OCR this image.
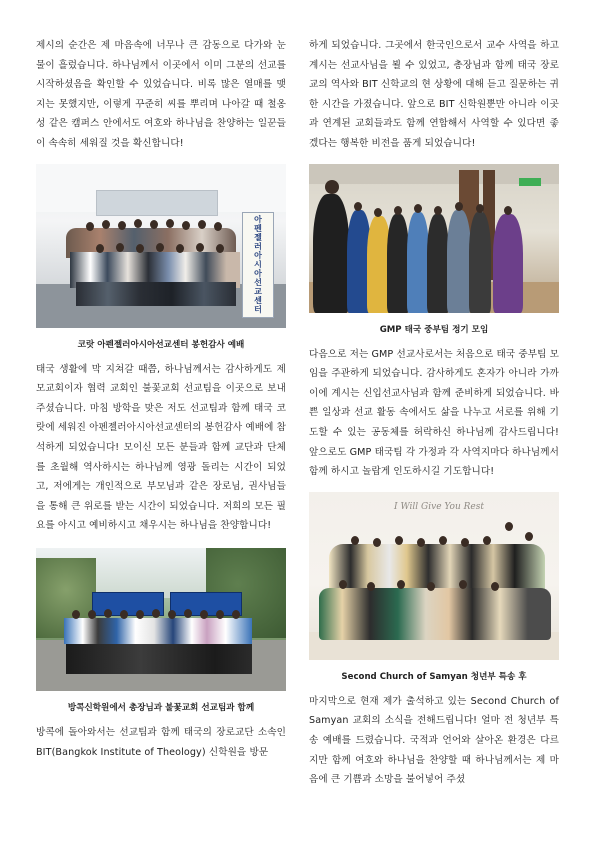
제시의 순간은 제 마음속에 너무나 큰 감동으로 다가와 눈물이 흘렀습니다. 하나님께서 이곳에서 이미 그분의 선교를 시작하셨음을 확인할 수 있었습니다. 비록 많은 열매를 맺지는 못했지만, 이렇게 꾸준히 씨를 뿌리며 나아갈 때 철옹성 같은 캠퍼스 안에서도 여호와 하나님을 찬양하는 일꾼들이 속속히 세워질 것을 확신합니다!

아펜젤러아시아선교센터
코랏 아펜젤러아시아선교센터 봉헌감사 예배

태국 생활에 막 지쳐갈 때쯤, 하나님께서는 감사하게도 제 모교회이자 협력 교회인 불꽃교회 선교팀을 이곳으로 보내주셨습니다. 마침 방학을 맞은 저도 선교팀과 함께 태국 코랏에 세워진 아펜젤러아시아선교센터의 봉헌감사 예배에 참석하게 되었습니다! 모이신 모든 분들과 함께 교단과 단체를 초월해 역사하시는 하나님께 영광 돌리는 시간이 되었고, 저에게는 개인적으로 부모님과 같은 장로님, 권사님들을 통해 큰 위로를 받는 시간이 되었습니다. 저희의 모든 필요를 아시고 예비하시고 채우시는 하나님을 찬양합니다!

방콕신학원에서 총장님과 불꽃교회 선교팀과 함께

방콕에 돌아와서는 선교팀과 함께 태국의 장로교단 소속인 BIT(Bangkok Institute of Theology) 신학원을 방문

하게 되었습니다. 그곳에서 한국인으로서 교수 사역을 하고 계시는 선교사님을 뵐 수 있었고, 총장님과 함께 태국 장로교의 역사와 BIT 신학교의 현 상황에 대해 듣고 질문하는 귀한 시간을 가졌습니다. 앞으로 BIT 신학원뿐만 아니라 이곳과 연계된 교회들과도 함께 연합해서 사역할 수 있다면 좋겠다는 행복한 비전을 품게 되었습니다!

GMP 태국 중부팀 정기 모임

다음으로 저는 GMP 선교사로서는 처음으로 태국 중부팀 모임을 주관하게 되었습니다. 감사하게도 혼자가 아니라 가까이에 계시는 신입선교사님과 함께 준비하게 되었습니다. 바쁜 일상과 선교 활동 속에서도 삶을 나누고 서로를 위해 기도할 수 있는 공동체를 허락하신 하나님께 감사드립니다! 앞으로도 GMP 태국팀 각 가정과 각 사역지마다 하나님께서 함께 하시고 놀랍게 인도하시길 기도합니다!

I Will Give You Rest
Second Church of Samyan 청년부 특송 후

마지막으로 현재 제가 출석하고 있는 Second Church of Samyan 교회의 소식을 전해드립니다! 얼마 전 청년부 특송 예배를 드렸습니다. 국적과 언어와 살아온 환경은 다르지만 함께 여호와 하나님을 찬양할 때 하나님께서는 제 마음에 큰 기쁨과 소망을 불어넣어 주셨
